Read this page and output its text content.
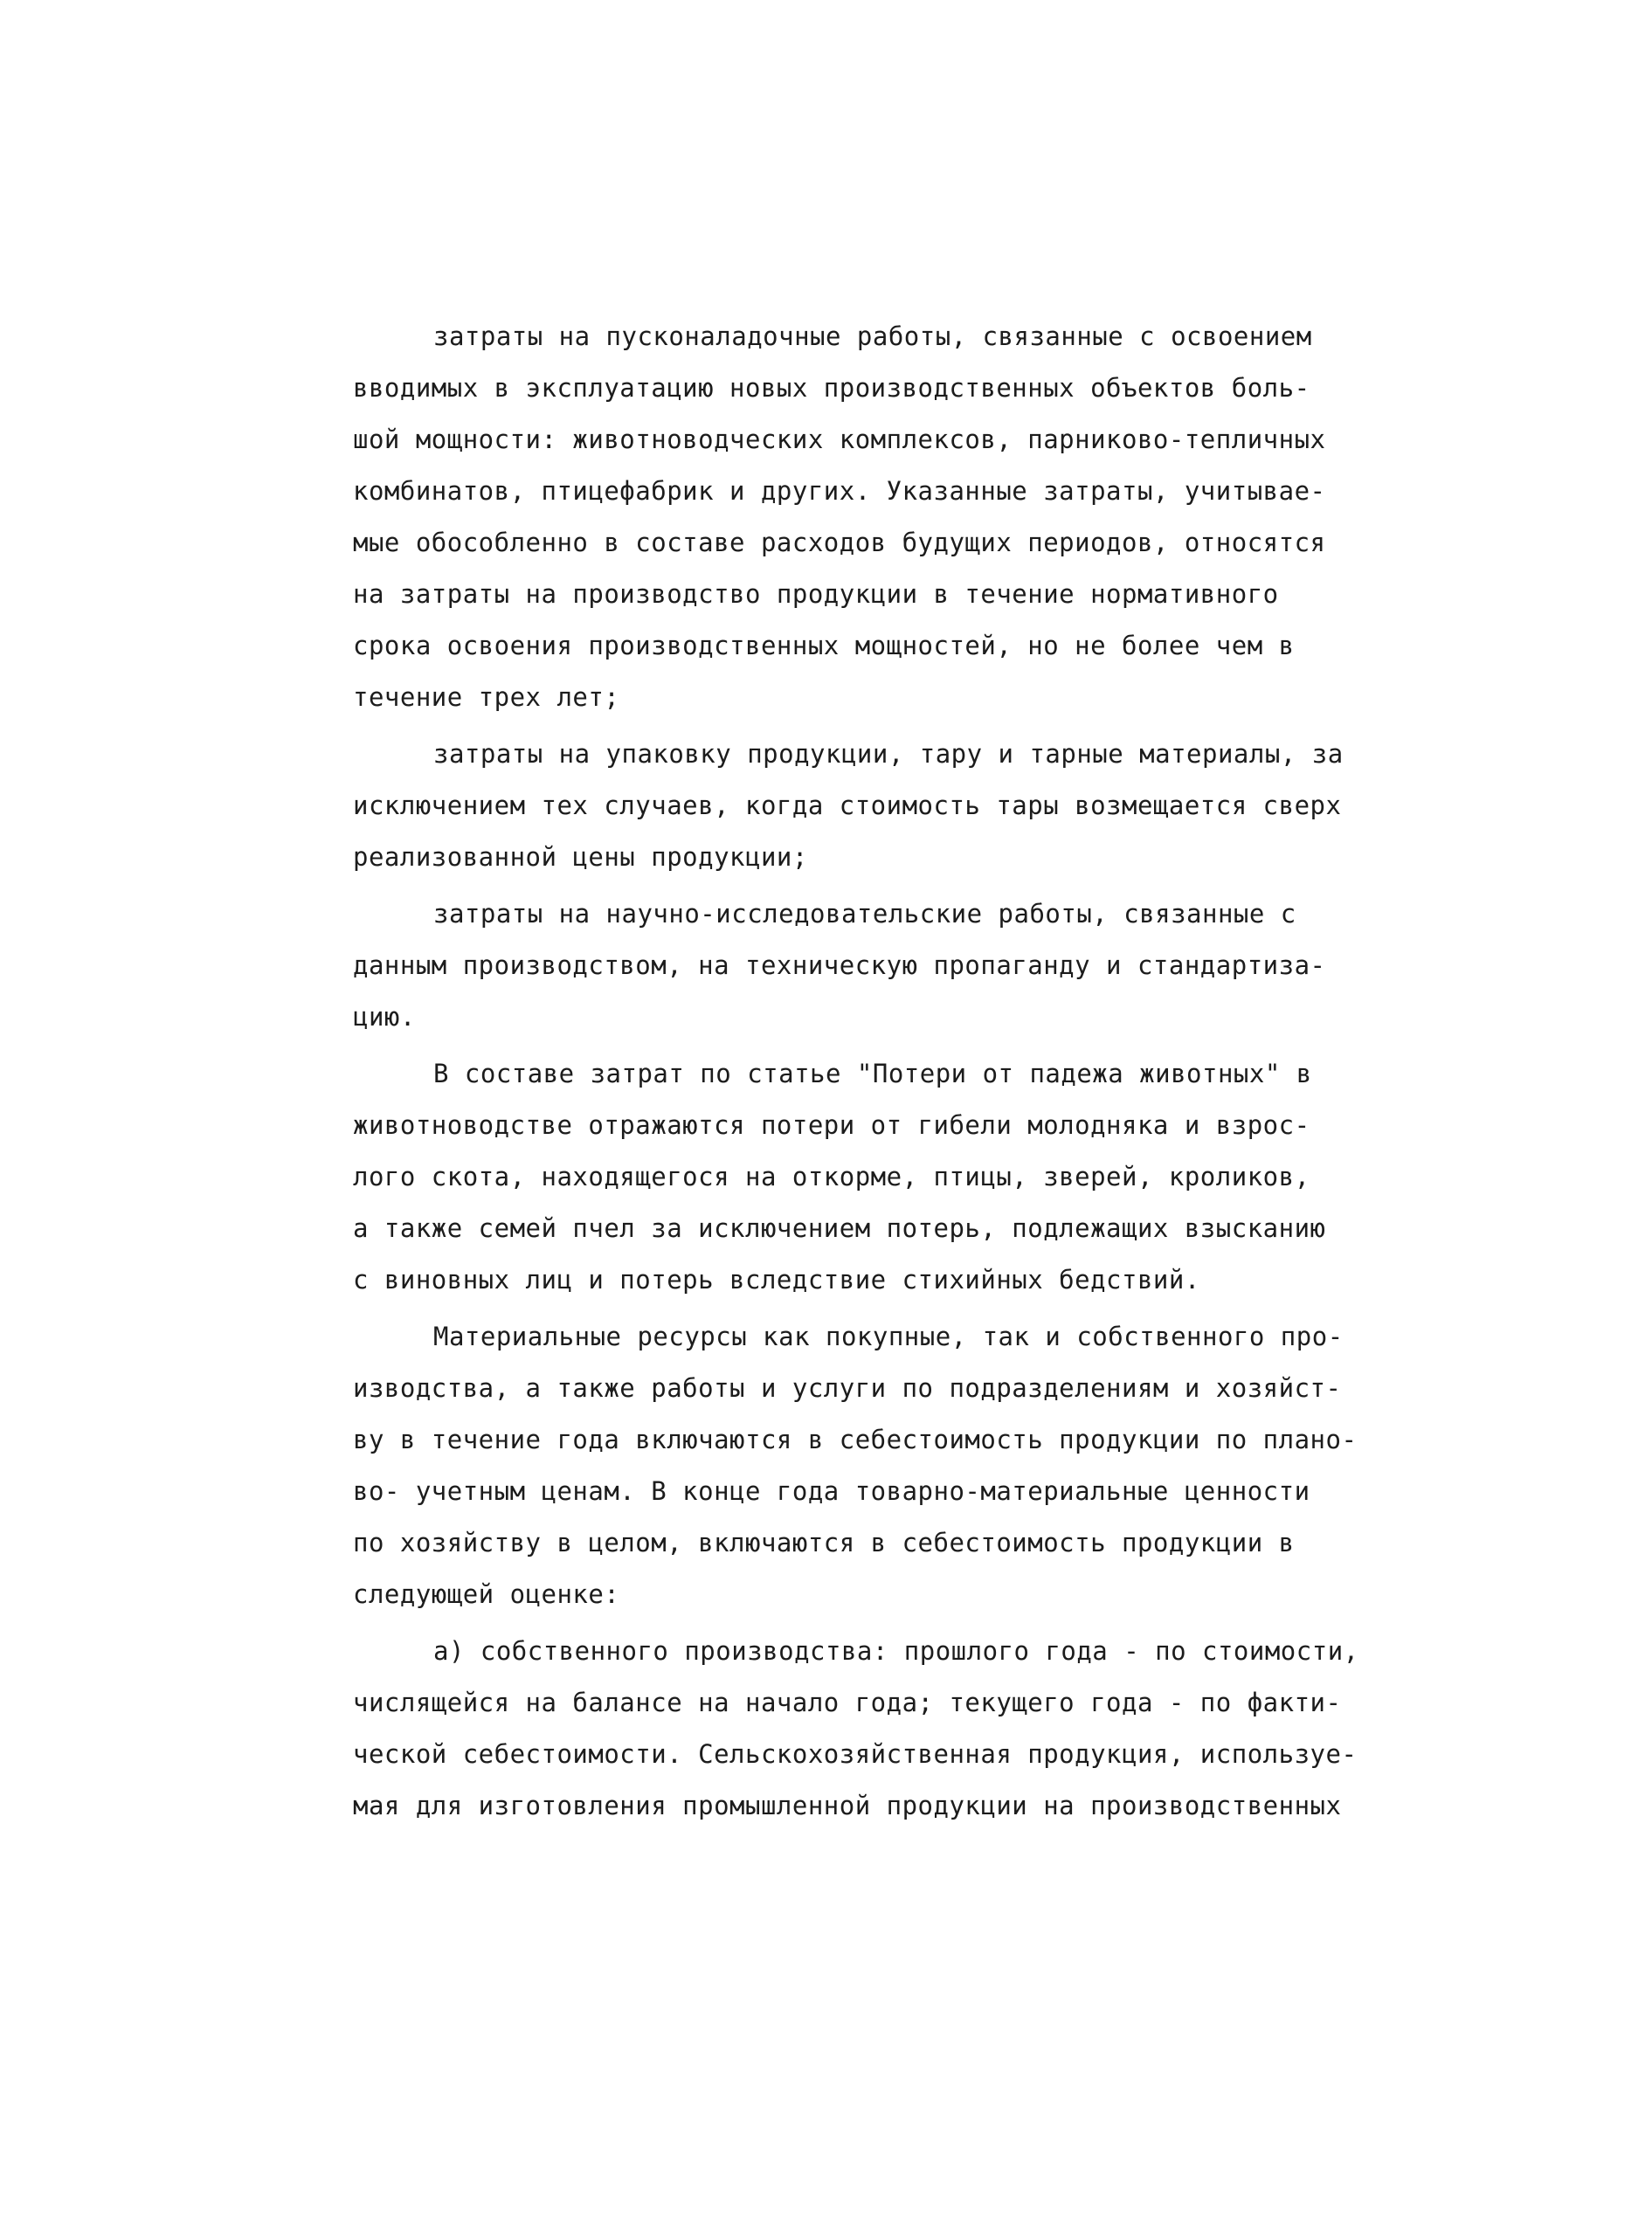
затраты на пусконаладочные работы, связанные с освоением
вводимых в эксплуатацию новых производственных объектов боль-
шой мощности: животноводческих комплексов, парниково-тепличных
комбинатов, птицефабрик и других. Указанные затраты, учитывае-
мые обособленно в составе расходов будущих периодов, относятся
на затраты на производство продукции в течение нормативного
срока освоения производственных мощностей, но не более чем в
течение трех лет;

затраты на упаковку продукции, тару и тарные материалы, за
исключением тех случаев, когда стоимость тары возмещается сверх
реализованной цены продукции;

затраты на научно-исследовательские работы, связанные с
данным производством, на техническую пропаганду и стандартиза-
цию.

В составе затрат по статье "Потери от падежа животных" в
животноводстве отражаются потери от гибели молодняка и взрос-
лого скота, находящегося на откорме, птицы, зверей, кроликов,
а также семей пчел за исключением потерь, подлежащих взысканию
с виновных лиц и потерь вследствие стихийных бедствий.

Материальные ресурсы как покупные, так и собственного про-
изводства, а также работы и услуги по подразделениям и хозяйст-
ву в течение года включаются в себестоимость продукции по плано-
во- учетным ценам. В конце года товарно-материальные ценности
по хозяйству в целом, включаются в себестоимость продукции в
следующей оценке:

а) собственного производства: прошлого года - по стоимости,
числящейся на балансе на начало года; текущего года - по факти-
ческой себестоимости. Сельскохозяйственная продукция, используе-
мая для изготовления промышленной продукции на производственных
